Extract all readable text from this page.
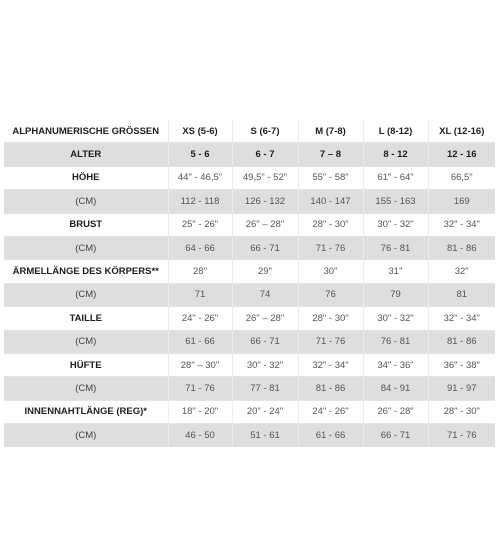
ALPHANUMERISCHE GRÖSSEN	XS (5-6)	S (6-7)	M (7-8)	L (8-12)	XL (12-16)
ALTER	5 - 6	6 - 7	7 – 8	8 - 12	12 - 16
HÖHE	44" - 46,5"	49,5" - 52"	55" - 58"	61" - 64"	66,5"
(CM)	112 - 118	126 - 132	140 - 147	155 - 163	169
BRUST	25" - 26"	26" – 28"	28" - 30"	30" - 32"	32" - 34"
(CM)	64 - 66	66 - 71	71 - 76	76 - 81	81 - 86
ÄRMELLÄNGE DES KÖRPERS**	28"	29"	30"	31"	32"
(CM)	71	74	76	79	81
TAILLE	24" - 26"	26" – 28"	28" - 30"	30" - 32"	32" - 34"
(CM)	61 - 66	66 - 71	71 - 76	76 - 81	81 - 86
HÜFTE	28" – 30"	30" - 32"	32" - 34"	34" - 36"	36" - 38"
(CM)	71 - 76	77 - 81	81 - 86	84 - 91	91 - 97
INNENNAHTLÄNGE (REG)*	18" - 20"	20" - 24"	24" - 26"	26" - 28"	28" - 30"
(CM)	46 - 50	51 - 61	61 - 66	66 - 71	71 - 76
